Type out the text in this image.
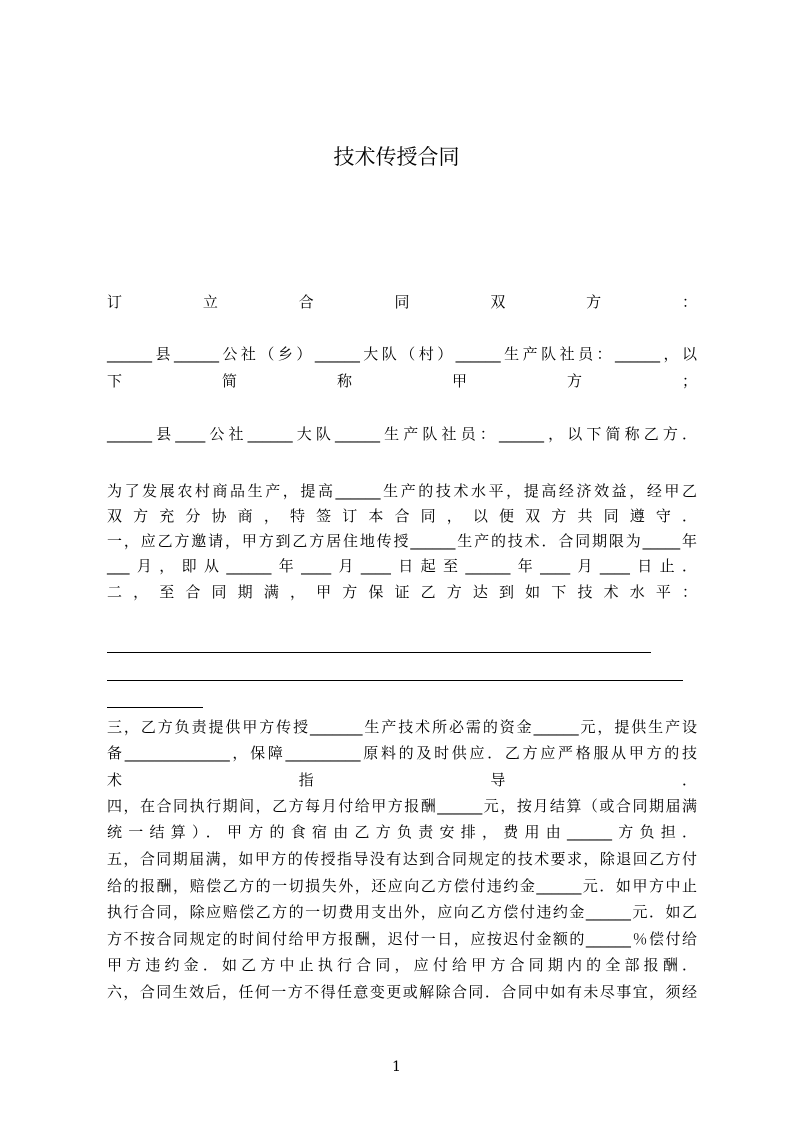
技术传授合同
订　立　合　同　双　方　：
______县______公社（乡）______大队（村）______生产队社员：______，以
下　简　称　甲　方　；
______县____公社______大队______生产队社员：______，以下简称乙方．
为了发展农村商品生产，提高______生产的技术水平，提高经济效益，经甲乙
双方充分协商，特签订本合同，以便双方共同遵守．
一，应乙方邀请，甲方到乙方居住地传授______生产的技术．合同期限为_____年
___月，即从______年____月____日起至______年____月____日止．
二，至合同期满，甲方保证乙方达到如下技术水平：
三，乙方负责提供甲方传授_______生产技术所必需的资金______元，提供生产设
备______________，保障__________原料的及时供应．乙方应严格服从甲方的技
术　指　导　．
四，在合同执行期间，乙方每月付给甲方报酬______元，按月结算（或合同期届满
统一结算）．甲方的食宿由乙方负责安排，费用由______方负担．
五，合同期届满，如甲方的传授指导没有达到合同规定的技术要求，除退回乙方付
给的报酬，赔偿乙方的一切损失外，还应向乙方偿付违约金______元．如甲方中止
执行合同，除应赔偿乙方的一切费用支出外，应向乙方偿付违约金______元．如乙
方不按合同规定的时间付给甲方报酬，迟付一日，应按迟付金额的______％偿付给
甲方违约金．如乙方中止执行合同，应付给甲方合同期内的全部报酬．
六，合同生效后，任何一方不得任意变更或解除合同．合同中如有未尽事宜，须经
1
